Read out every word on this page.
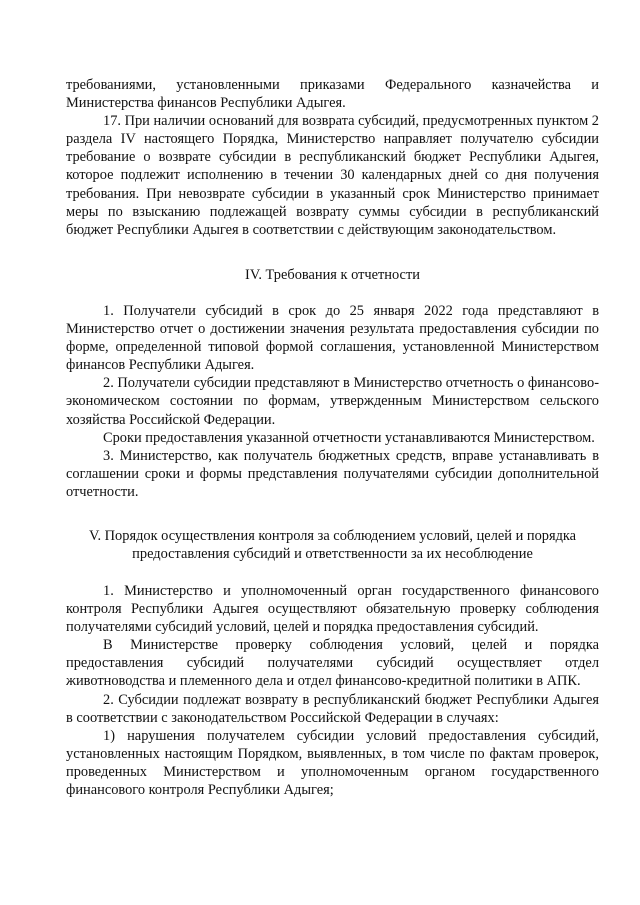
требованиями, установленными приказами Федерального казначейства и Министерства финансов Республики Адыгея.

17. При наличии оснований для возврата субсидий, предусмотренных пунктом 2 раздела IV настоящего Порядка, Министерство направляет получателю субсидии требование о возврате субсидии в республиканский бюджет Республики Адыгея, которое подлежит исполнению в течении 30 календарных дней со дня получения требования. При невозврате субсидии в указанный срок Министерство принимает меры по взысканию подлежащей возврату суммы субсидии в республиканский бюджет Республики Адыгея в соответствии с действующим законодательством.

IV. Требования к отчетности

1. Получатели субсидий в срок до 25 января 2022 года представляют в Министерство отчет о достижении значения результата предоставления субсидии по форме, определенной типовой формой соглашения, установленной Министерством финансов Республики Адыгея.

2. Получатели субсидии представляют в Министерство отчетность о финансово-экономическом состоянии по формам, утвержденным Министерством сельского хозяйства Российской Федерации.

Сроки предоставления указанной отчетности устанавливаются Министерством.

3. Министерство, как получатель бюджетных средств, вправе устанавливать в соглашении сроки и формы представления получателями субсидии дополнительной отчетности.

V. Порядок осуществления контроля за соблюдением условий, целей и порядка

предоставления субсидий и ответственности за их несоблюдение

1. Министерство и уполномоченный орган государственного финансового контроля Республики Адыгея осуществляют обязательную проверку соблюдения получателями субсидий условий, целей и порядка предоставления субсидий.

В Министерстве проверку соблюдения условий, целей и порядка предоставления субсидий получателями субсидий осуществляет отдел животноводства и племенного дела и отдел финансово-кредитной политики в АПК.

2. Субсидии подлежат возврату в республиканский бюджет Республики Адыгея в соответствии с законодательством Российской Федерации в случаях:

1) нарушения получателем субсидии условий предоставления субсидий, установленных настоящим Порядком, выявленных, в том числе по фактам проверок, проведенных Министерством и уполномоченным органом государственного финансового контроля Республики Адыгея;
